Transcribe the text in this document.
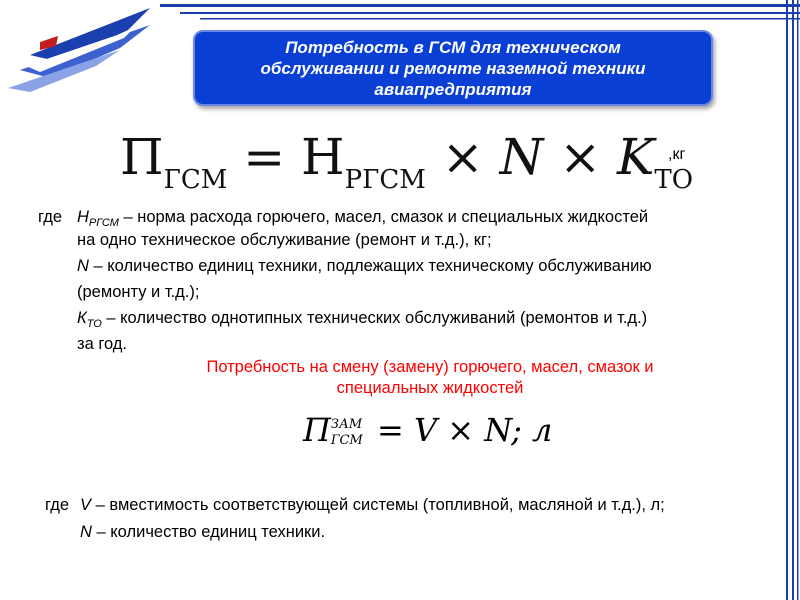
Потребность в ГСМ для техническом
обслуживании и ремонте наземной техники
авиапредприятия
$П_{ГСМ} = Н_{РГСМ} \times N \times K_{ТО}$
,кг
где $Н_{РГСМ}$ – норма расхода горючего, масел, смазок и специальных жидкостей
на одно техническое обслуживание (ремонт и т.д.), кг;
N – количество единиц техники, подлежащих техническому обслуживанию
(ремонту и т.д.);
$К_{ТО}$ – количество однотипных технических обслуживаний (ремонтов и т.д.)
за год.
Потребность на смену (замену) горючего, масел, смазок и
специальных жидкостей
П ЗАМ
ГСМ = V × N; л
где V – вместимость соответствующей системы (топливной, масляной и т.д.), л;
N – количество единиц техники.
